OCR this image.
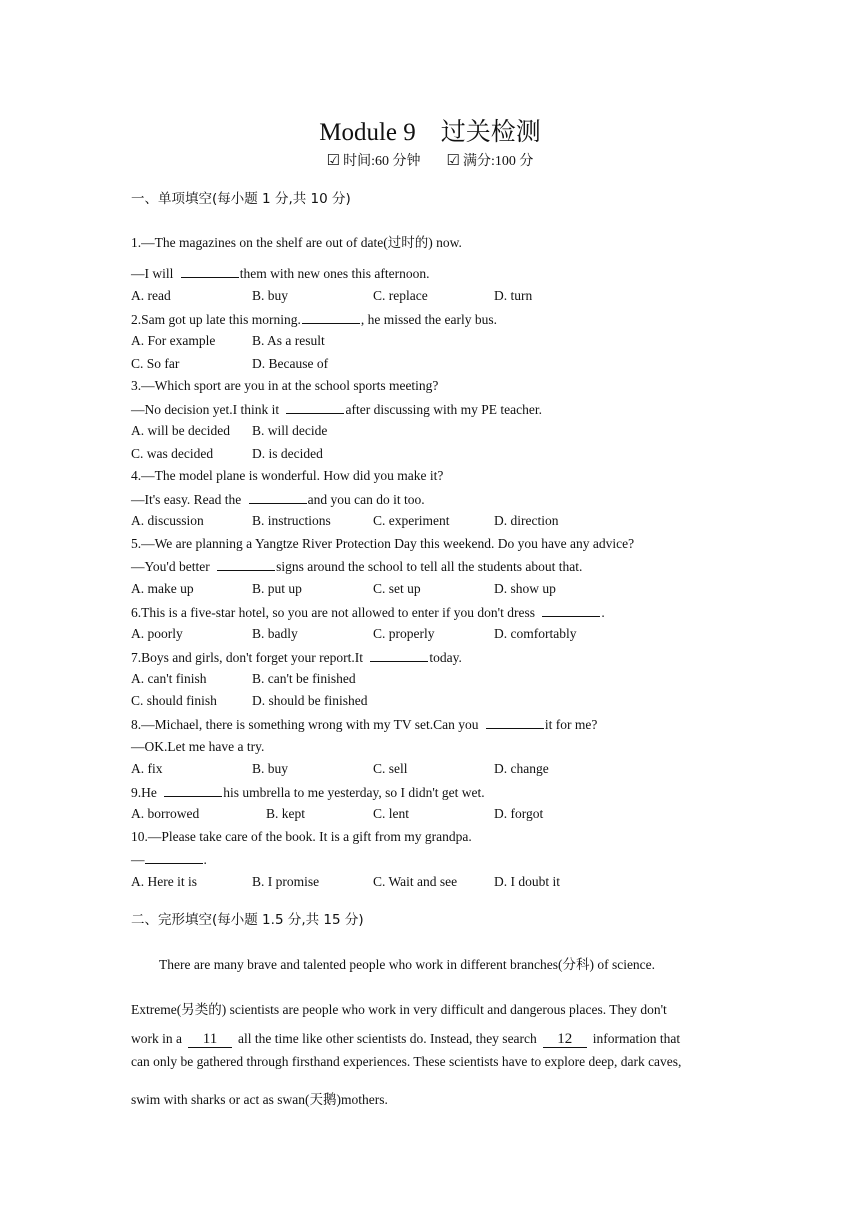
Module 9　过关检测
☑ 时间:60 分钟 ☑ 满分:100 分
一、单项填空(每小题 1 分,共 10 分)
1.—The magazines on the shelf are out of date(过时的) now.
—I will	them with new ones this afternoon.
A. read	B. buy	C. replace	D. turn
2.Sam got up late this morning.	, he missed the early bus.
A. For example	B. As a result
C. So far	D. Because of
3.—Which sport are you in at the school sports meeting?
—No decision yet.I think it	after discussing with my PE teacher.
A. will be decided B. will decide
C. was decided	D. is decided
4.—The model plane is wonderful. How did you make it?
—It's easy. Read the	and you can do it too.
A. discussion	B. instructions	C. experiment	D. direction
5.—We are planning a Yangtze River Protection Day this weekend. Do you have any advice?
—You'd better	signs around the school to tell all the students about that.
A. make up	B. put up	C. set up	D. show up
6.This is a five-star hotel, so you are not allowed to enter if you don't dress	.
A. poorly	B. badly	C. properly	D. comfortably
7.Boys and girls, don't forget your report.It	today.
A. can't finish	B. can't be finished
C. should finish	D. should be finished
8.—Michael, there is something wrong with my TV set.Can you	it for me?
—OK.Let me have a try.
A. fix	B. buy	C. sell	D. change
9.He	his umbrella to me yesterday, so I didn't get wet.
A. borrowed	B. kept	C. lent	D. forgot
10.—Please take care of the book. It is a gift from my grandpa.
—	.
A. Here it is	B. I promise	C. Wait and see	D. I doubt it
二、完形填空(每小题 1.5 分,共 15 分)
There are many brave and talented people who work in different branches(分科) of science.
Extreme(另类的) scientists are people who work in very difficult and dangerous places. They don't
work in a 11 all the time like other scientists do. Instead, they search 12 information that
can only be gathered through firsthand experiences. These scientists have to explore deep, dark caves,
swim with sharks or act as swan(天鹅)mothers.
